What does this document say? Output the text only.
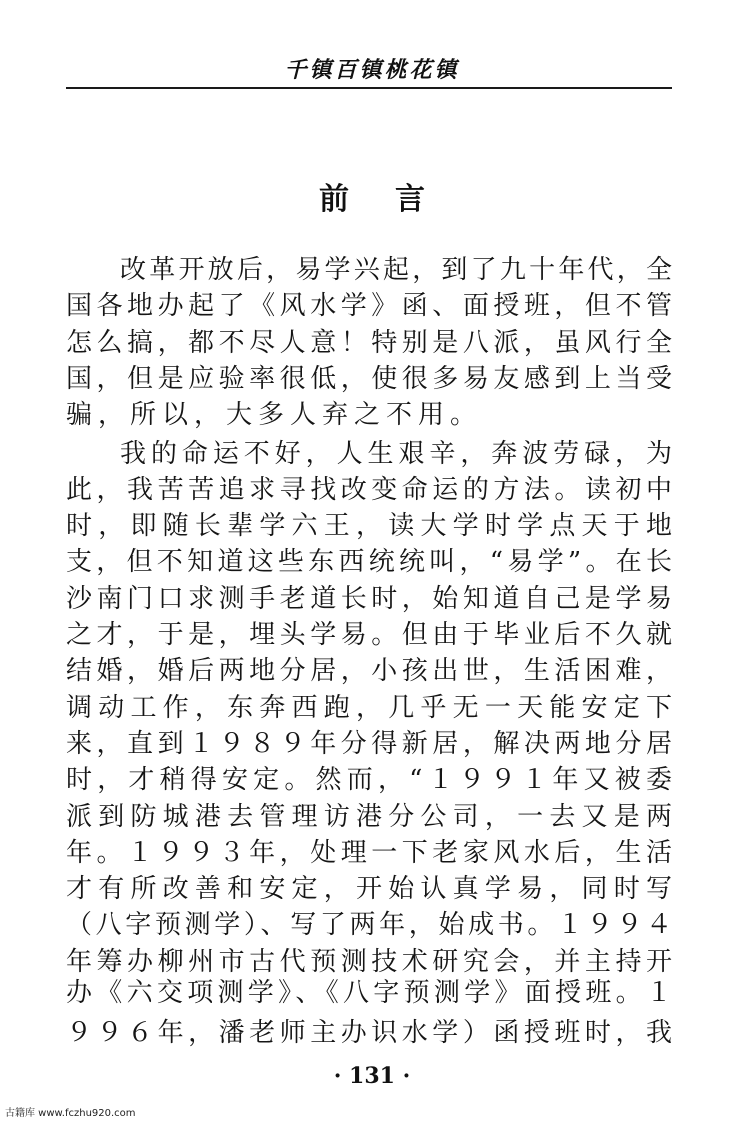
千镇百镇桃花镇
前言
改革开放后，易学兴起，到了九十年代，全
国各地办起了《风水学》函、面授班，但不管
怎么搞，都不尽人意！特别是八派，虽风行全
国，但是应验率很低，使很多易友感到上当受
骗，所以，大多人弃之不用。
我的命运不好，人生艰辛，奔波劳碌，为
此，我苦苦追求寻找改变命运的方法。读初中
时，即随长辈学六王，读大学时学点天于地
支，但不知道这些东西统统叫，“易学”。在长
沙南门口求测手老道长时，始知道自己是学易
之才，于是，埋头学易。但由于毕业后不久就
结婚，婚后两地分居，小孩出世，生活困难，
调动工作，东奔西跑，几乎无一天能安定下
来，直到１９８９年分得新居，解决两地分居
时，才稍得安定。然而，“１９９１年又被委
派到防城港去管理访港分公司，一去又是两
年。１９９３年，处理一下老家风水后，生活
才有所改善和安定，开始认真学易，同时写
（八字预测学）、写了两年，始成书。１９９４
年筹办柳州市古代预测技术研究会，并主持开
办《六交项测学》、《八字预测学》面授班。１
９９６年，潘老师主办识水学）函授班时，我
· 131 ·
古籍库 www.fczhu920.com
